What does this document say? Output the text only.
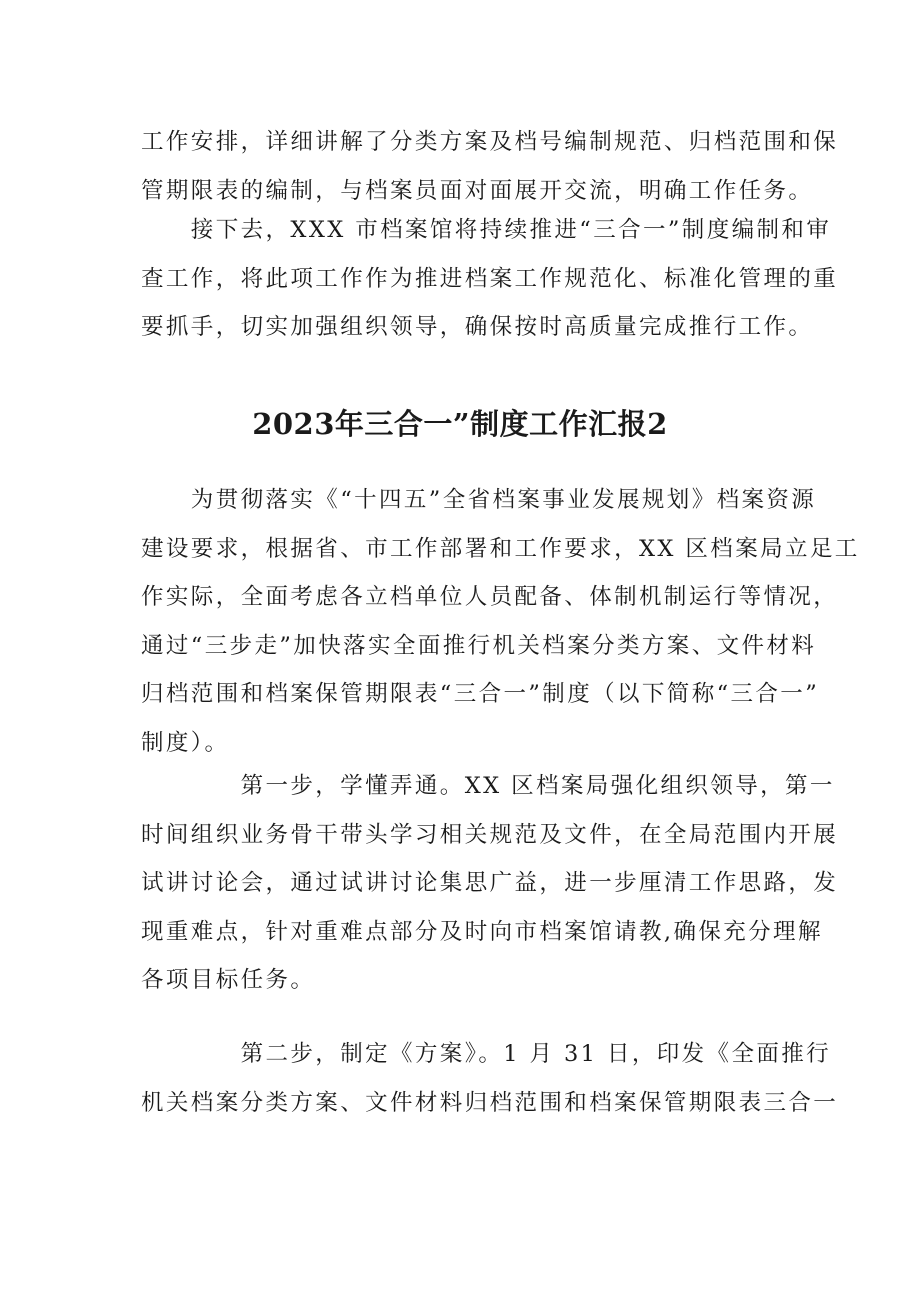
工作安排，详细讲解了分类方案及档号编制规范、归档范围和保
管期限表的编制，与档案员面对面展开交流，明确工作任务。

　　接下去，XXX 市档案馆将持续推进“三合一”制度编制和审
查工作，将此项工作作为推进档案工作规范化、标准化管理的重
要抓手，切实加强组织领导，确保按时高质量完成推行工作。

2023年三合一”制度工作汇报2

　　为贯彻落实《“十四五”全省档案事业发展规划》档案资源
建设要求，根据省、市工作部署和工作要求，XX 区档案局立足工
作实际，全面考虑各立档单位人员配备、体制机制运行等情况，
通过“三步走”加快落实全面推行机关档案分类方案、文件材料
归档范围和档案保管期限表“三合一”制度（以下简称“三合一”
制度）。

　　　　第一步，学懂弄通。XX 区档案局强化组织领导，第一
时间组织业务骨干带头学习相关规范及文件，在全局范围内开展
试讲讨论会，通过试讲讨论集思广益，进一步厘清工作思路，发
现重难点，针对重难点部分及时向市档案馆请教,确保充分理解
各项目标任务。

　　　　第二步，制定《方案》。1 月 31 日，印发《全面推行
机关档案分类方案、文件材料归档范围和档案保管期限表三合一
